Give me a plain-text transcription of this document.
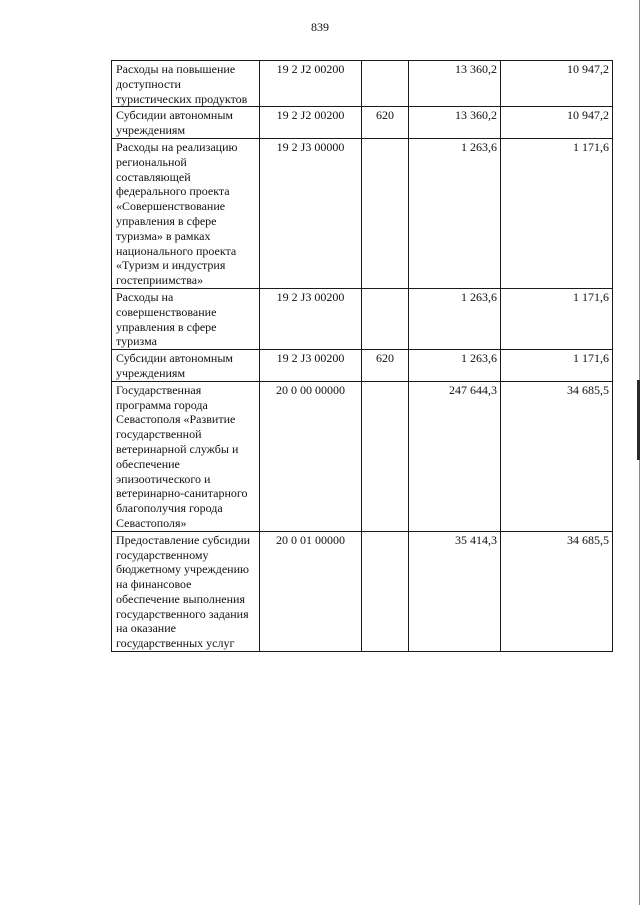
839
Расходы на повышение доступности туристических продуктов	19 2 J2 00200		13 360,2	10 947,2
Субсидии автономным учреждениям	19 2 J2 00200	620	13 360,2	10 947,2
Расходы на реализацию региональной составляющей федерального проекта «Совершенствование управления в сфере туризма» в рамках национального проекта «Туризм и индустрия гостеприимства»	19 2 J3 00000		1 263,6	1 171,6
Расходы на совершенствование управления в сфере туризма	19 2 J3 00200		1 263,6	1 171,6
Субсидии автономным учреждениям	19 2 J3 00200	620	1 263,6	1 171,6
Государственная программа города Севастополя «Развитие государственной ветеринарной службы и обеспечение эпизоотического и ветеринарно-санитарного благополучия города Севастополя»	20 0 00 00000		247 644,3	34 685,5
Предоставление субсидии государственному бюджетному учреждению на финансовое обеспечение выполнения государственного задания на оказание государственных услуг	20 0 01 00000		35 414,3	34 685,5
